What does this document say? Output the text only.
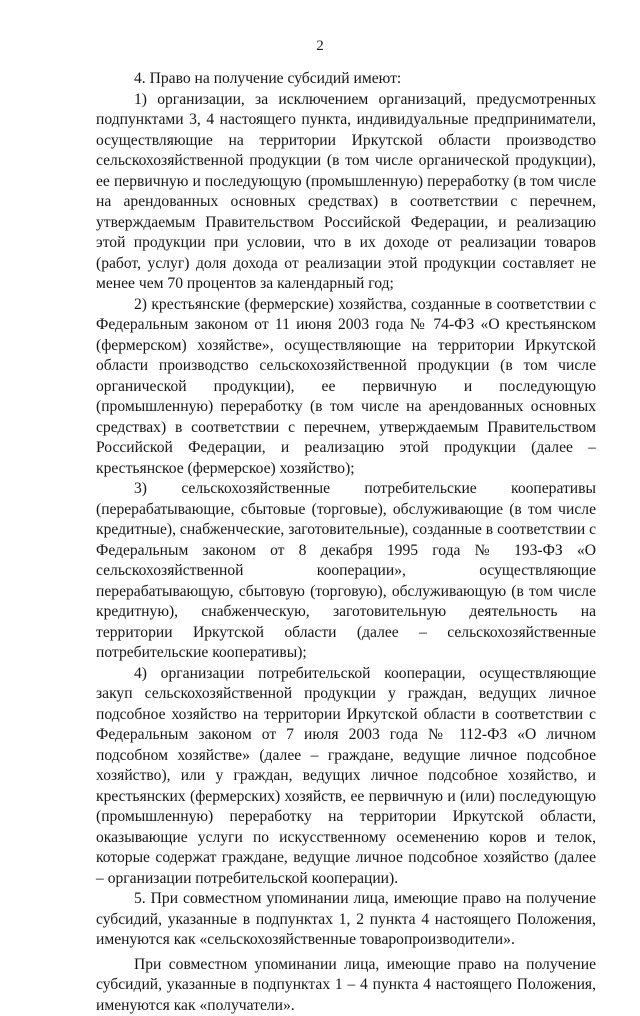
2

4. Право на получение субсидий имеют:

1) организации, за исключением организаций, предусмотренных подпунктами 3, 4 настоящего пункта, индивидуальные предприниматели, осуществляющие на территории Иркутской области производство сельскохозяйственной продукции (в том числе органической продукции), ее первичную и последующую (промышленную) переработку (в том числе на арендованных основных средствах) в соответствии с перечнем, утверждаемым Правительством Российской Федерации, и реализацию этой продукции при условии, что в их доходе от реализации товаров (работ, услуг) доля дохода от реализации этой продукции составляет не менее чем 70 процентов за календарный год;

2) крестьянские (фермерские) хозяйства, созданные в соответствии с Федеральным законом от 11 июня 2003 года № 74-ФЗ «О крестьянском (фермерском) хозяйстве», осуществляющие на территории Иркутской области производство сельскохозяйственной продукции (в том числе органической продукции), ее первичную и последующую (промышленную) переработку (в том числе на арендованных основных средствах) в соответствии с перечнем, утверждаемым Правительством Российской Федерации, и реализацию этой продукции (далее – крестьянское (фермерское) хозяйство);

3) сельскохозяйственные потребительские кооперативы (перерабатывающие, сбытовые (торговые), обслуживающие (в том числе кредитные), снабженческие, заготовительные), созданные в соответствии с Федеральным законом от 8 декабря 1995 года № 193-ФЗ «О сельскохозяйственной кооперации», осуществляющие перерабатывающую, сбытовую (торговую), обслуживающую (в том числе кредитную), снабженческую, заготовительную деятельность на территории Иркутской области (далее – сельскохозяйственные потребительские кооперативы);

4) организации потребительской кооперации, осуществляющие закуп сельскохозяйственной продукции у граждан, ведущих личное подсобное хозяйство на территории Иркутской области в соответствии с Федеральным законом от 7 июля 2003 года № 112-ФЗ «О личном подсобном хозяйстве» (далее – граждане, ведущие личное подсобное хозяйство), или у граждан, ведущих личное подсобное хозяйство, и крестьянских (фермерских) хозяйств, ее первичную и (или) последующую (промышленную) переработку на территории Иркутской области, оказывающие услуги по искусственному осеменению коров и телок, которые содержат граждане, ведущие личное подсобное хозяйство (далее – организации потребительской кооперации).

5. При совместном упоминании лица, имеющие право на получение субсидий, указанные в подпунктах 1, 2 пункта 4 настоящего Положения, именуются как «сельскохозяйственные товаропроизводители».

При совместном упоминании лица, имеющие право на получение субсидий, указанные в подпунктах 1 – 4 пункта 4 настоящего Положения, именуются как «получатели».
